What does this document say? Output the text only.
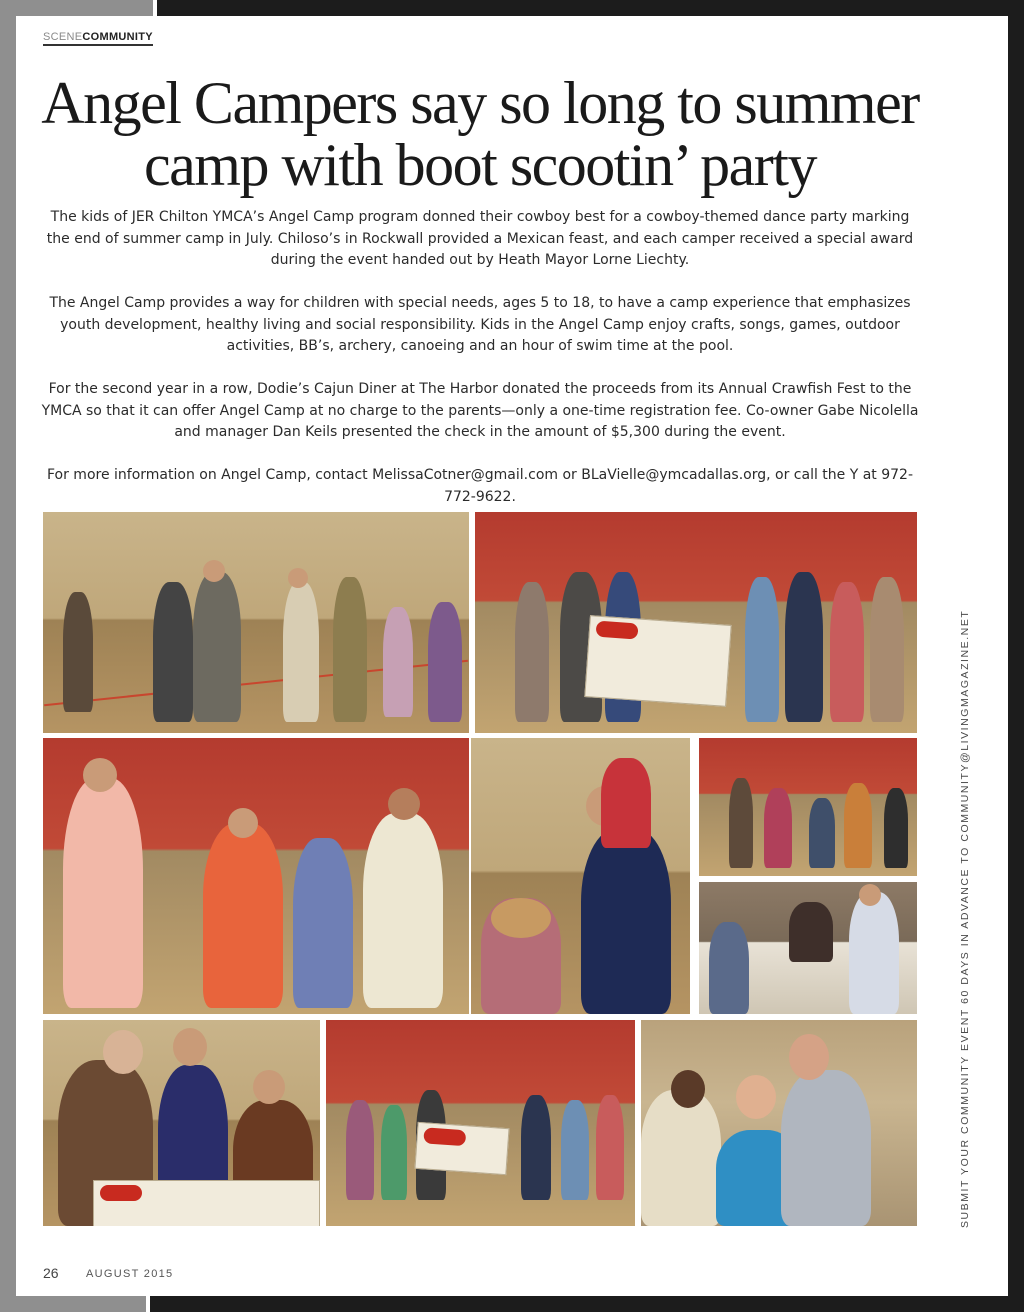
SCENECOMMUNITY
Angel Campers say so long to summer camp with boot scootin’ party

The kids of JER Chilton YMCA’s Angel Camp program donned their cowboy best for a cowboy-themed dance party marking the end of summer camp in July. Chiloso’s in Rockwall provided a Mexican feast, and each camper received a special award during the event handed out by Heath Mayor Lorne Liechty.

The Angel Camp provides a way for children with special needs, ages 5 to 18, to have a camp experience that emphasizes youth development, healthy living and social responsibility. Kids in the Angel Camp enjoy crafts, songs, games, outdoor activities, BB’s, archery, canoeing and an hour of swim time at the pool.

For the second year in a row, Dodie’s Cajun Diner at The Harbor donated the proceeds from its Annual Crawfish Fest to the YMCA so that it can offer Angel Camp at no charge to the parents—only a one-time registration fee. Co-owner Gabe Nicolella and manager Dan Keils presented the check in the amount of $5,300 during the event.

For more information on Angel Camp, contact MelissaCotner@gmail.com or BLaVielle@ymcadallas.org, or call the Y at 972-772-9622.

SUBMIT YOUR COMMUNITY EVENT 60 DAYS IN ADVANCE TO COMMUNITY@LIVINGMAGAZINE.NET
26 AUGUST 2015
